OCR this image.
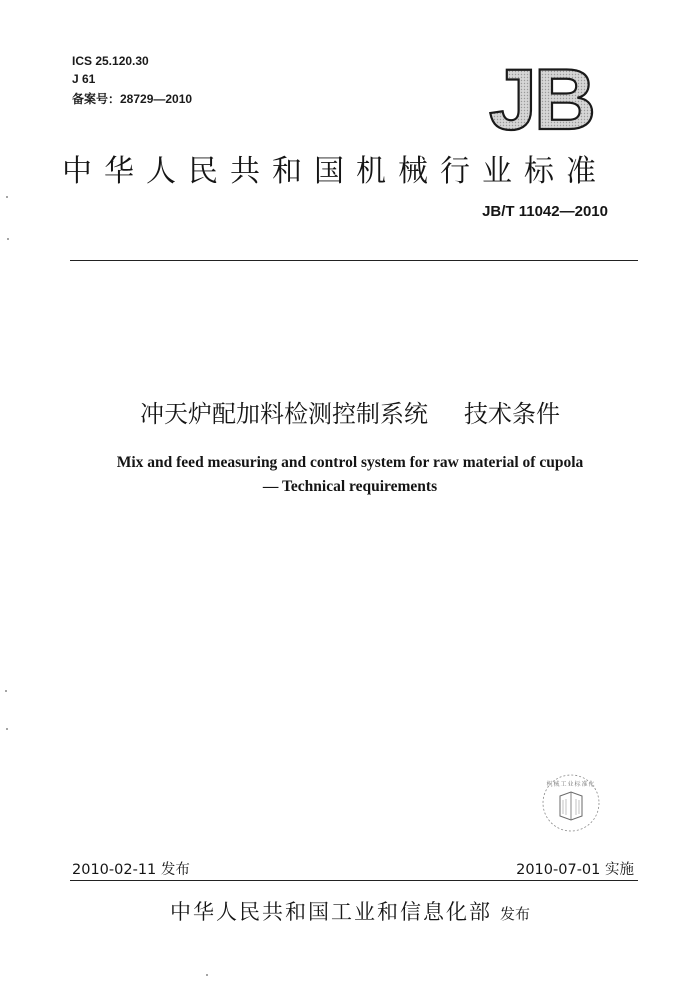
ICS 25.120.30
J 61
备案号：28729—2010	JB
中华人民共和国机械行业标准
JB/T 11042—2010
冲天炉配加料检测控制系统 技术条件
Mix and feed measuring and control system for raw material of cupola
— Technical requirements
机械工业标准化
2010-02-11 发布	2010-07-01 实施
中华人民共和国工业和信息化部 发布
